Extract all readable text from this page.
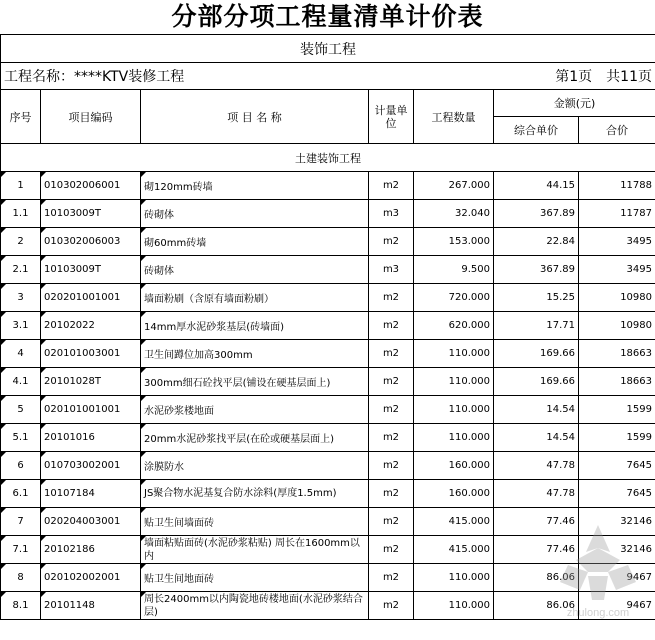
分部分项工程量清单计价表
装饰工程						
工程名称：****KTV装修工程				第1页　共11页		
序号	项目编码	项 目 名 称	计量单位	工程数量	金额(元)	
					综合单价	合价
土建装饰工程						
1	010302006001	砌120mm砖墙	m2	267.000	44.15	11788
1.1	10103009T	砖砌体	m3	32.040	367.89	11787
2	010302006003	砌60mm砖墙	m2	153.000	22.84	3495
2.1	10103009T	砖砌体	m3	9.500	367.89	3495
3	020201001001	墙面粉刷（含原有墙面粉刷）	m2	720.000	15.25	10980
3.1	20102022	14mm厚水泥砂浆基层(砖墙面)	m2	620.000	17.71	10980
4	020101003001	卫生间蹲位加高300mm	m2	110.000	169.66	18663
4.1	20101028T	300mm细石砼找平层(铺设在硬基层面上)	m2	110.000	169.66	18663
5	020101001001	水泥砂浆楼地面	m2	110.000	14.54	1599
5.1	20101016	20mm水泥砂浆找平层(在砼或硬基层面上)	m2	110.000	14.54	1599
6	010703002001	涂膜防水	m2	160.000	47.78	7645
6.1	10107184	JS聚合物水泥基复合防水涂料(厚度1.5mm)	m2	160.000	47.78	7645
7	020204003001	贴卫生间墙面砖	m2	415.000	77.46	32146
7.1	20102186	墙面粘贴面砖(水泥砂浆粘贴) 周长在1600mm以内	m2	415.000	77.46	32146
8	020102002001	贴卫生间地面砖	m2	110.000	86.06	9467
8.1	20101148	周长2400mm以内陶瓷地砖楼地面(水泥砂浆结合层)	m2	110.000	86.06	9467
zhulong.com
